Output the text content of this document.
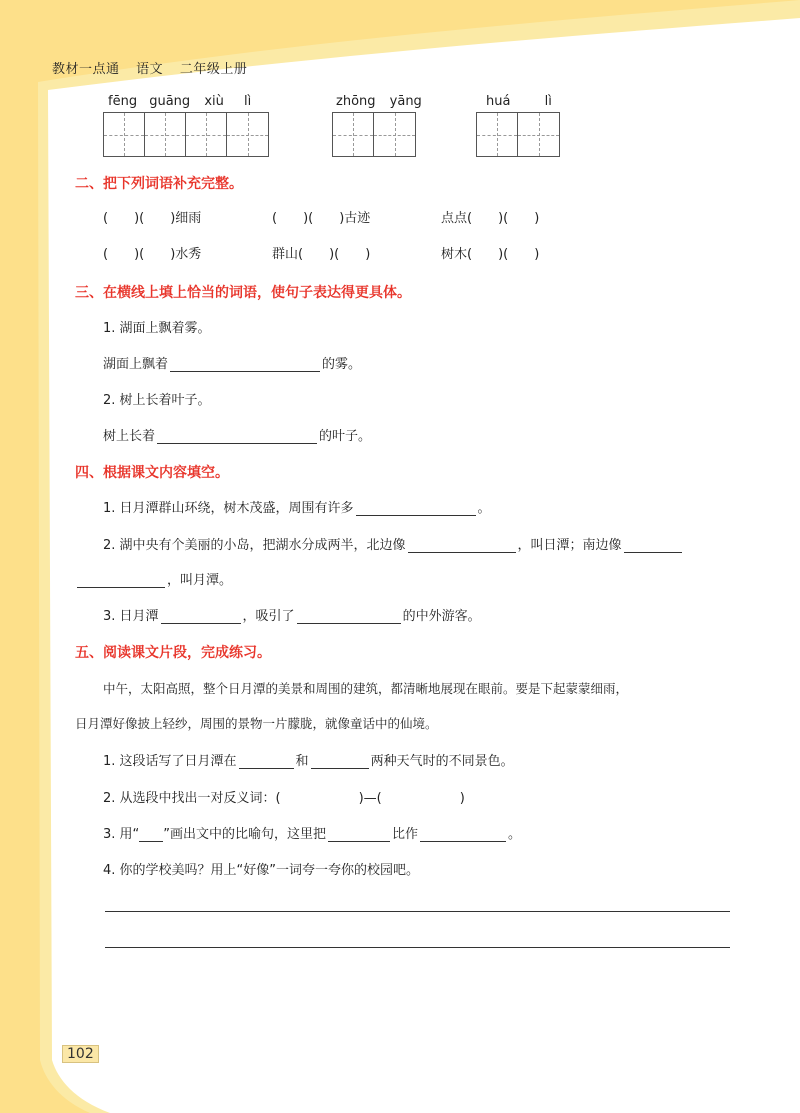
教材一点通 语文 二年级上册
fēng guāng xiù lì	zhōng yāng	huá	lì
二、把下列词语补充完整。
(　　)(　　)细雨	(　　)(　　)古迹	点点(　　)(　　)
(　　)(　　)水秀	群山(　　)(　　)	树木(　　)(　　)
三、在横线上填上恰当的词语，使句子表达得更具体。
1. 湖面上飘着雾。
湖面上飘着	的雾。
2. 树上长着叶子。
树上长着	的叶子。
四、根据课文内容填空。
1. 日月潭群山环绕，树木茂盛，周围有许多	。
2. 湖中央有个美丽的小岛，把湖水分成两半，北边像	，叫日潭；南边像
，叫月潭。
3. 日月潭	，吸引了	的中外游客。
五、阅读课文片段，完成练习。
中午，太阳高照，整个日月潭的美景和周围的建筑，都清晰地展现在眼前。要是下起蒙蒙细雨，
日月潭好像披上轻纱，周围的景物一片朦胧，就像童话中的仙境。
1. 这段话写了日月潭在	和	两种天气时的不同景色。
2. 从选段中找出一对反义词：(　　　　　　)—(　　　　　　)
3. 用“ ”画出文中的比喻句，这里把	比作	。
4. 你的学校美吗？用上“好像”一词夸一夸你的校园吧。
102
